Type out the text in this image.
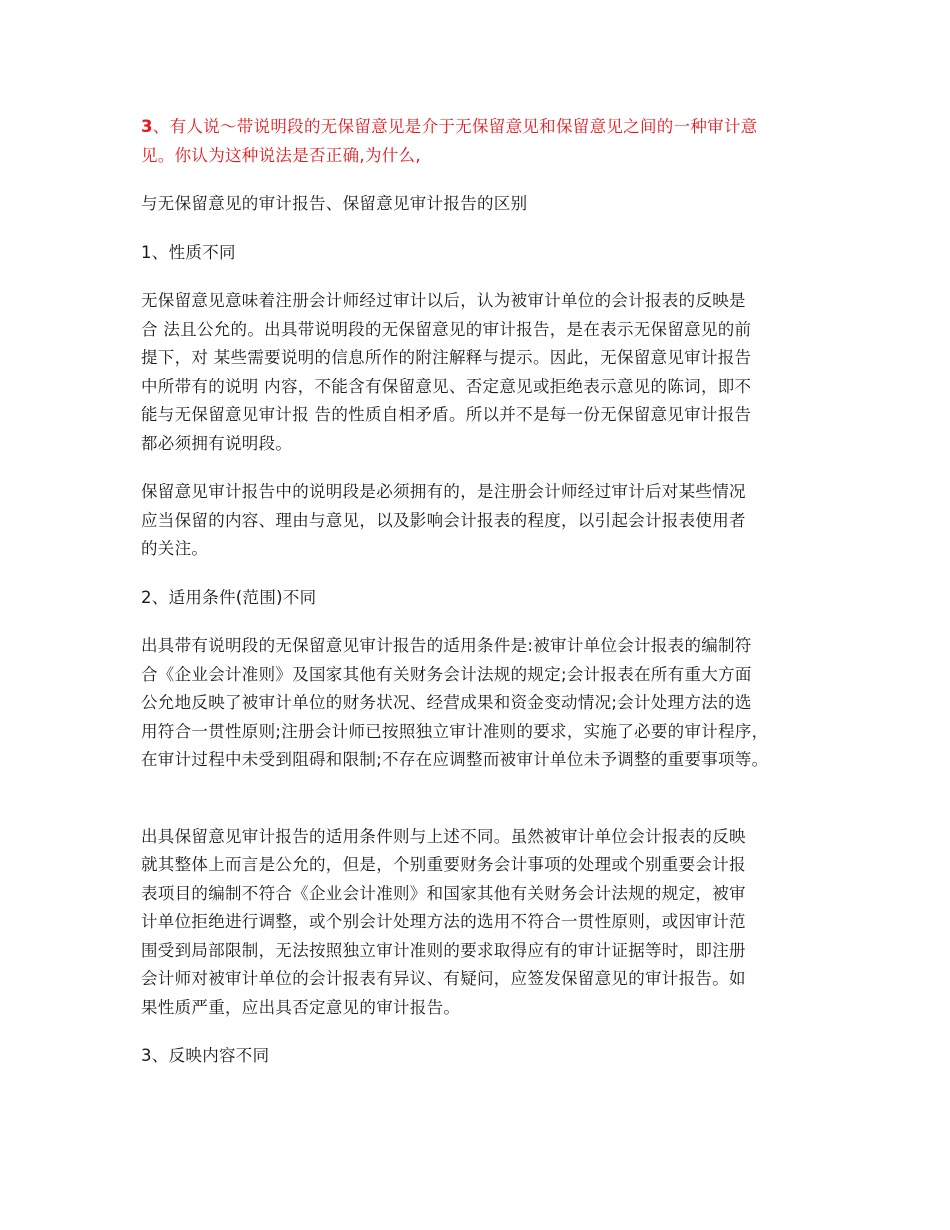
3、有人说～带说明段的无保留意见是介于无保留意见和保留意见之间的一种审计意
见。你认为这种说法是否正确,为什么,
与无保留意见的审计报告、保留意见审计报告的区别
1、性质不同
无保留意见意味着注册会计师经过审计以后，认为被审计单位的会计报表的反映是
合 法且公允的。出具带说明段的无保留意见的审计报告，是在表示无保留意见的前
提下，对 某些需要说明的信息所作的附注解释与提示。因此，无保留意见审计报告
中所带有的说明 内容，不能含有保留意见、否定意见或拒绝表示意见的陈词，即不
能与无保留意见审计报 告的性质自相矛盾。所以并不是每一份无保留意见审计报告
都必须拥有说明段。
保留意见审计报告中的说明段是必须拥有的，是注册会计师经过审计后对某些情况
应当保留的内容、理由与意见，以及影响会计报表的程度，以引起会计报表使用者
的关注。
2、适用条件(范围)不同
出具带有说明段的无保留意见审计报告的适用条件是:被审计单位会计报表的编制符
合《企业会计准则》及国家其他有关财务会计法规的规定;会计报表在所有重大方面
公允地反映了被审计单位的财务状况、经营成果和资金变动情况;会计处理方法的选
用符合一贯性原则;注册会计师已按照独立审计准则的要求，实施了必要的审计程序，
在审计过程中未受到阻碍和限制;不存在应调整而被审计单位未予调整的重要事项等。
出具保留意见审计报告的适用条件则与上述不同。虽然被审计单位会计报表的反映
就其整体上而言是公允的，但是，个别重要财务会计事项的处理或个别重要会计报
表项目的编制不符合《企业会计准则》和国家其他有关财务会计法规的规定，被审
计单位拒绝进行调整，或个别会计处理方法的选用不符合一贯性原则，或因审计范
围受到局部限制，无法按照独立审计准则的要求取得应有的审计证据等时，即注册
会计师对被审计单位的会计报表有异议、有疑问，应签发保留意见的审计报告。如
果性质严重，应出具否定意见的审计报告。
3、反映内容不同
